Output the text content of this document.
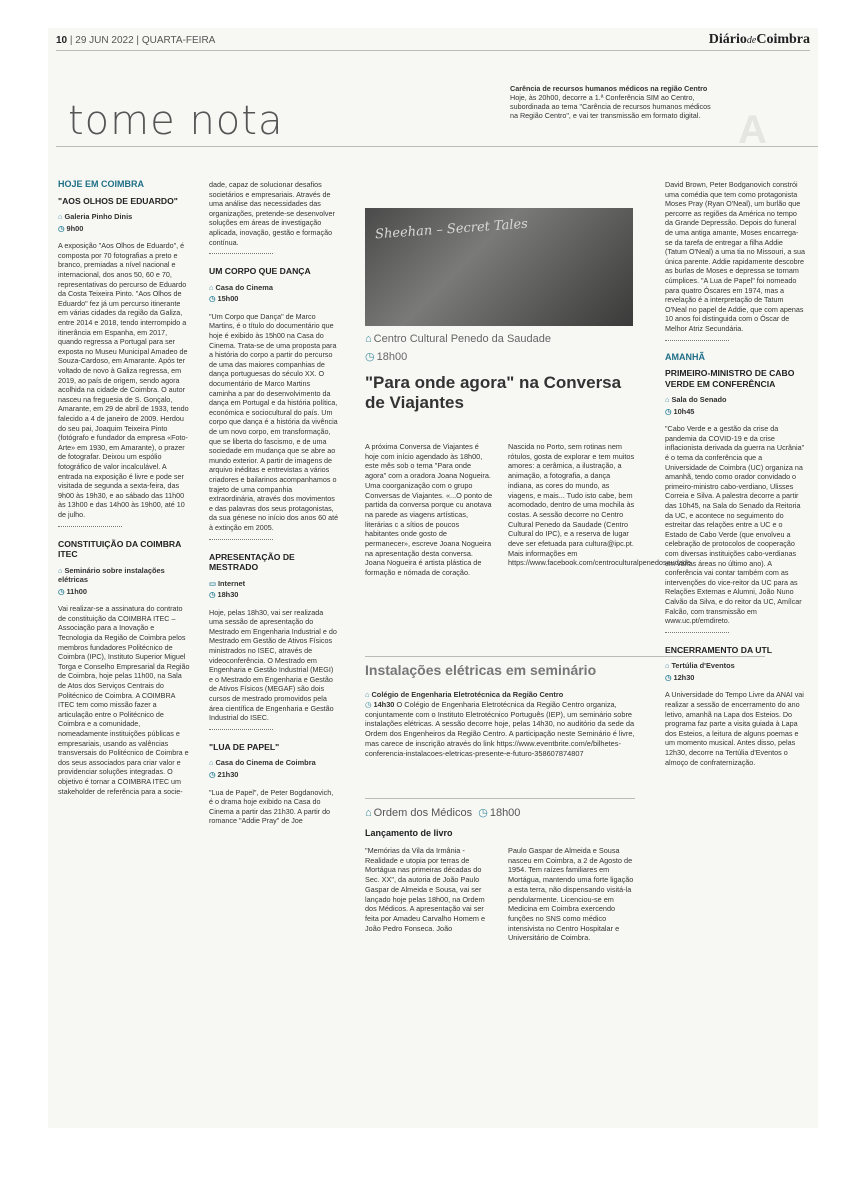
10 | 29 JUN 2022 | QUARTA-FEIRA	DiáriodeCoimbra
tome nota	A
Carência de recursos humanos médicos na região Centro
Hoje, às 20h00, decorre a 1.ª Conferência SIM ao Centro, subordinada ao tema "Carência de recursos humanos médicos na Região Centro", e vai ter transmissão em formato digital.
HOJE EM COIMBRA
"AOS OLHOS DE EDUARDO"
⌂ Galeria Pinho Dinis
◷ 9h00
A exposição "Aos Olhos de Eduardo", é composta por 70 fotografias a preto e branco, premiadas a nível nacional e internacional, dos anos 50, 60 e 70, representativas do percurso de Eduardo da Costa Teixeira Pinto. "Aos Olhos de Eduardo" fez já um percurso itinerante em várias cidades da região da Galiza, entre 2014 e 2018, tendo interrompido a itinerância em Espanha, em 2017, quando regressa a Portugal para ser exposta no Museu Municipal Amadeo de Souza-Cardoso, em Amarante. Após ter voltado de novo à Galiza regressa, em 2019, ao país de origem, sendo agora acolhida na cidade de Coimbra. O autor nasceu na freguesia de S. Gonçalo, Amarante, em 29 de abril de 1933, tendo falecido a 4 de janeiro de 2009. Herdou do seu pai, Joaquim Teixeira Pinto (fotógrafo e fundador da empresa «Foto-Arte» em 1930, em Amarante), o prazer de fotografar. Deixou um espólio fotográfico de valor incalculável. A entrada na exposição é livre e pode ser visitada de segunda a sexta-feira, das 9h00 às 19h30, e ao sábado das 11h00 às 13h00 e das 14h00 às 19h00, até 10 de julho.
CONSTITUIÇÃO DA COIMBRA ITEC
⌂ Seminário sobre instalações elétricas
◷ 11h00
Vai realizar-se a assinatura do contrato de constituição da COIMBRA ITEC – Associação para a Inovação e Tecnologia da Região de Coimbra pelos membros fundadores Politécnico de Coimbra (IPC), Instituto Superior Miguel Torga e Conselho Empresarial da Região de Coimbra, hoje pelas 11h00, na Sala de Atos dos Serviços Centrais do Politécnico de Coimbra. A COIMBRA ITEC tem como missão fazer a articulação entre o Politécnico de Coimbra e a comunidade, nomeadamente instituições públicas e empresariais, usando as valências transversais do Politécnico de Coimbra e dos seus associados para criar valor e providenciar soluções integradas. O objetivo é tornar a COIMBRA ITEC um stakeholder de referência para a socie-
dade, capaz de solucionar desafios societários e empresariais. Através de uma análise das necessidades das organizações, pretende-se desenvolver soluções em áreas de investigação aplicada, inovação, gestão e formação contínua.
UM CORPO QUE DANÇA
⌂ Casa do Cinema
◷ 15h00
"Um Corpo que Dança" de Marco Martins, é o título do documentário que hoje é exibido às 15h00 na Casa do Cinema. Trata-se de uma proposta para a história do corpo a partir do percurso de uma das maiores companhias de dança portuguesas do século XX. O documentário de Marco Martins caminha a par do desenvolvimento da dança em Portugal e da história política, económica e sociocultural do país. Um corpo que dança é a história da vivência de um novo corpo, em transformação, que se liberta do fascismo, e de uma sociedade em mudança que se abre ao mundo exterior. A partir de imagens de arquivo inéditas e entrevistas a vários criadores e bailarinos acompanhamos o trajeto de uma companhia extraordinária, através dos movimentos e das palavras dos seus protagonistas, da sua génese no início dos anos 60 até à extinção em 2005.
APRESENTAÇÃO DE MESTRADO
▭ Internet
◷ 18h30
Hoje, pelas 18h30, vai ser realizada uma sessão de apresentação do Mestrado em Engenharia Industrial e do Mestrado em Gestão de Ativos Físicos ministrados no ISEC, através de videoconferência. O Mestrado em Engenharia e Gestão Industrial (MEGI) e o Mestrado em Engenharia e Gestão de Ativos Físicos (MEGAF) são dois cursos de mestrado promovidos pela área científica de Engenharia e Gestão Industrial do ISEC.
"LUA DE PAPEL"
⌂ Casa do Cinema de Coimbra
◷ 21h30
"Lua de Papel", de Peter Bogdanovich, é o drama hoje exibido na Casa do Cinema a partir das 21h30. A partir do romance "Addie Pray" de Joe
Sheehan – Secret Tales
⌂ Centro Cultural Penedo da Saudade
◷ 18h00
"Para onde agora" na Conversa de Viajantes
A próxima Conversa de Viajantes é hoje com início agendado às 18h00, este mês sob o tema "Para onde agora" com a oradora Joana Nogueira. Uma coorganização com o grupo Conversas de Viajantes. «...O ponto de partida da conversa porque cu anotava na parede as viagens artísticas, literárias c a sítios de poucos habitantes onde gosto de permanecer», escreve Joana Nogueira na apresentação desta conversa. Joana Nogueira é artista plástica de formação e nómada de coração.
Nascida no Porto, sem rotinas nem rótulos, gosta de explorar e tem muitos amores: a cerâmica, a ilustração, a animação, a fotografia, a dança indiana, as cores do mundo, as viagens, e mais... Tudo isto cabe, bem acomodado, dentro de uma mochila às costas. A sessão decorre no Centro Cultural Penedo da Saudade (Centro Cultural do IPC), e a reserva de lugar deve ser efetuada para cultura@ipc.pt. Mais informações em https://www.facebook.com/centroculturalpenedosaudade.
Instalações elétricas em seminário
⌂ Colégio de Engenharia Eletrotécnica da Região Centro
◷ 14h30 O Colégio de Engenharia Eletrotécnica da Região Centro organiza, conjuntamente com o Instituto Eletrotécnico Português (IEP), um seminário sobre instalações elétricas. A sessão decorre hoje, pelas 14h30, no auditório da sede da Ordem dos Engenheiros da Região Centro. A participação neste Seminário é livre, mas carece de inscrição através do link https://www.eventbrite.com/e/bilhetes-conferencia-instalacoes-eletricas-presente-e-futuro-358607874807
⌂ Ordem dos Médicos ◷ 18h00
Lançamento de livro
"Memórias da Vila da Irmânia - Realidade e utopia por terras de Mortágua nas primeiras décadas do Sec. XX", da autoria de João Paulo Gaspar de Almeida e Sousa, vai ser lançado hoje pelas 18h00, na Ordem dos Médicos. A apresentação vai ser feita por Amadeu Carvalho Homem e João Pedro Fonseca. João
Paulo Gaspar de Almeida e Sousa nasceu em Coimbra, a 2 de Agosto de 1954. Tem raízes familiares em Mortágua, mantendo uma forte ligação a esta terra, não dispensando visitá-la pendularmente. Licenciou-se em Medicina em Coimbra exercendo funções no SNS como médico intensivista no Centro Hospitalar e Universitário de Coimbra.
David Brown, Peter Bodganovich constrói uma comédia que tem como protagonista Moses Pray (Ryan O'Neal), um burlão que percorre as regiões da América no tempo da Grande Depressão. Depois do funeral de uma antiga amante, Moses encarrega-se da tarefa de entregar a filha Addie (Tatum O'Neal) a uma tia no Missouri, a sua única parente. Addie rapidamente descobre as burlas de Moses e depressa se tornam cúmplices. "A Lua de Papel" foi nomeado para quatro Óscares em 1974, mas a revelação é a interpretação de Tatum O'Neal no papel de Addie, que com apenas 10 anos foi distinguida com o Óscar de Melhor Atriz Secundária.
AMANHÃ
PRIMEIRO-MINISTRO DE CABO VERDE EM CONFERÊNCIA
⌂ Sala do Senado
◷ 10h45
"Cabo Verde e a gestão da crise da pandemia da COVID-19 e da crise inflacionista derivada da guerra na Ucrânia" é o tema da conferência que a Universidade de Coimbra (UC) organiza na amanhã, tendo como orador convidado o primeiro-ministro cabo-verdiano, Ulisses Correia e Silva. A palestra decorre a partir das 10h45, na Sala do Senado da Reitoria da UC, e acontece no seguimento do estreitar das relações entre a UC e o Estado de Cabo Verde (que envolveu a celebração de protocolos de cooperação com diversas instituições cabo-verdianas em várias áreas no último ano). A conferência vai contar também com as intervenções do vice-reitor da UC para as Relações Externas e Alumni, João Nuno Calvão da Silva, e do reitor da UC, Amílcar Falcão, com transmissão em www.uc.pt/emdireto.
ENCERRAMENTO DA UTL
⌂ Tertúlia d'Eventos
◷ 12h30
A Universidade do Tempo Livre da ANAI vai realizar a sessão de encerramento do ano letivo, amanhã na Lapa dos Esteios. Do programa faz parte a visita guiada à Lapa dos Esteios, a leitura de alguns poemas e um momento musical. Antes disso, pelas 12h30, decorre na Tertúlia d'Eventos o almoço de confraternização.
